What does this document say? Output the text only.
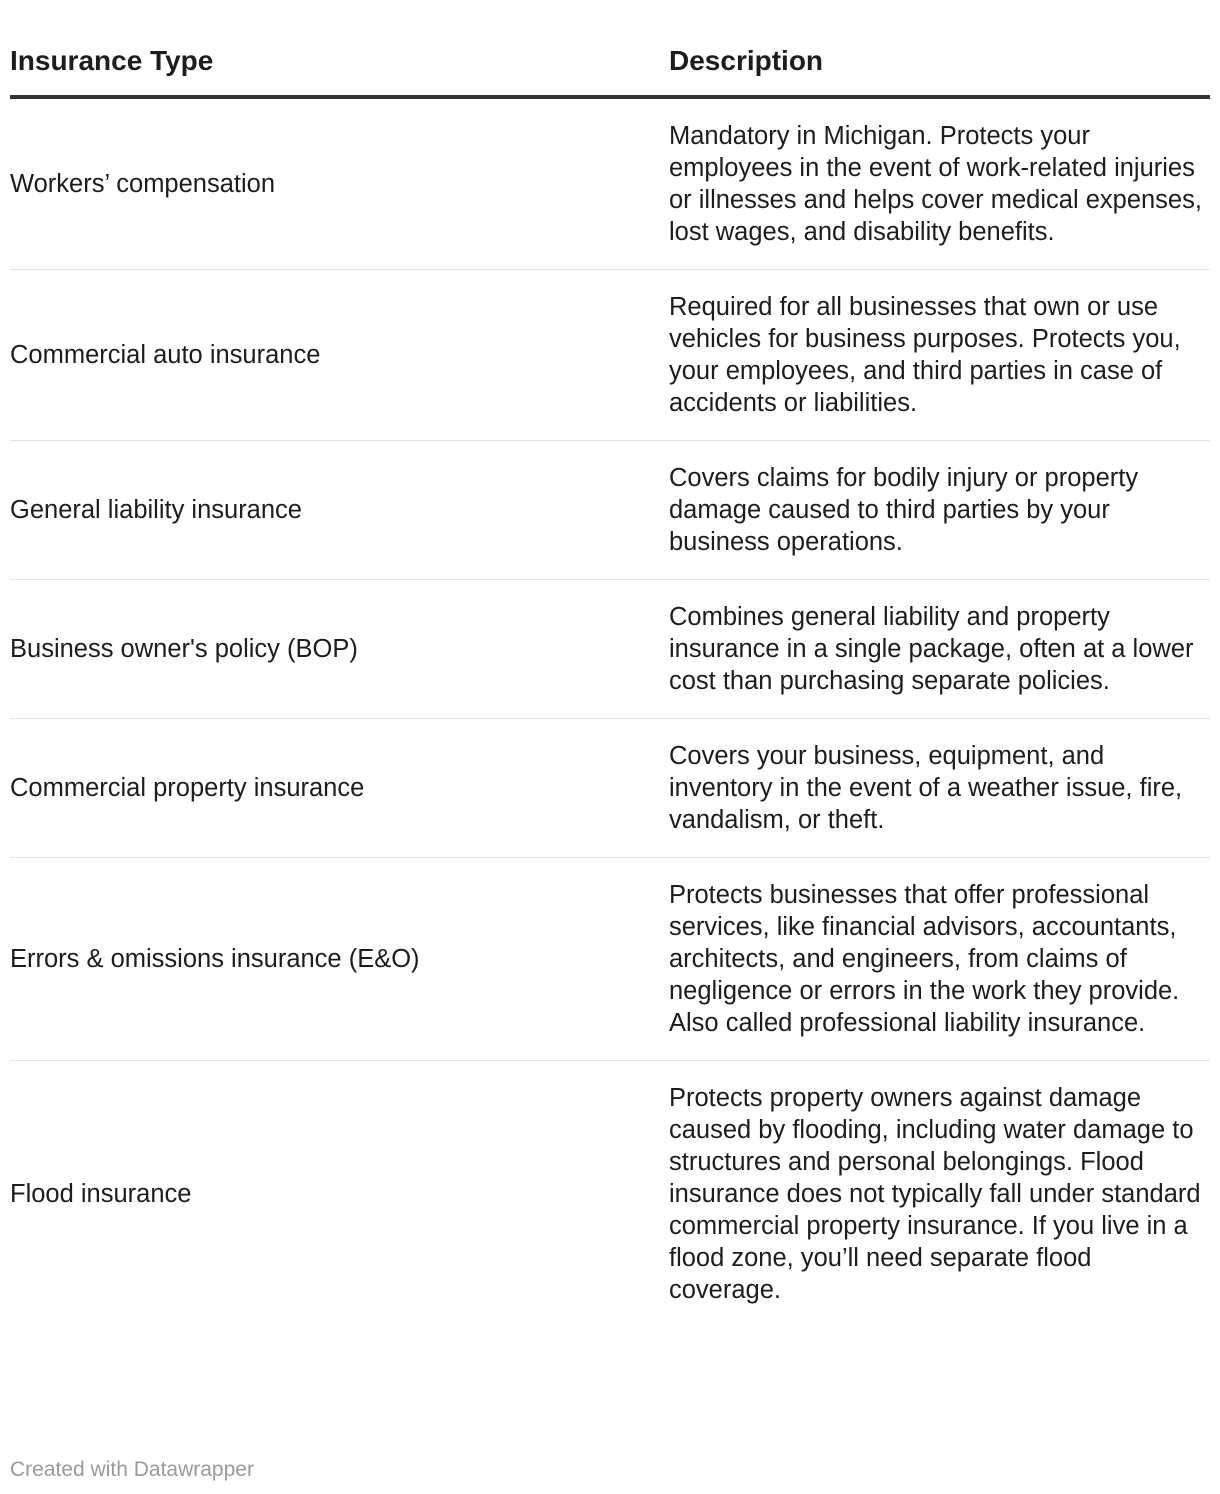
Insurance Type	Description
Workers’ compensation	Mandatory in Michigan. Protects your employees in the event of work-related injuries or illnesses and helps cover medical expenses, lost wages, and disability benefits.
Commercial auto insurance	Required for all businesses that own or use vehicles for business purposes. Protects you, your employees, and third parties in case of accidents or liabilities.
General liability insurance	Covers claims for bodily injury or property damage caused to third parties by your business operations.
Business owner's policy (BOP)	Combines general liability and property insurance in a single package, often at a lower cost than purchasing separate policies.
Commercial property insurance	Covers your business, equipment, and inventory in the event of a weather issue, fire, vandalism, or theft.
Errors & omissions insurance (E&O)	Protects businesses that offer professional services, like financial advisors, accountants, architects, and engineers, from claims of negligence or errors in the work they provide. Also called professional liability insurance.
Flood insurance	Protects property owners against damage caused by flooding, including water damage to structures and personal belongings. Flood insurance does not typically fall under standard commercial property insurance. If you live in a flood zone, you’ll need separate flood coverage.
Created with Datawrapper
